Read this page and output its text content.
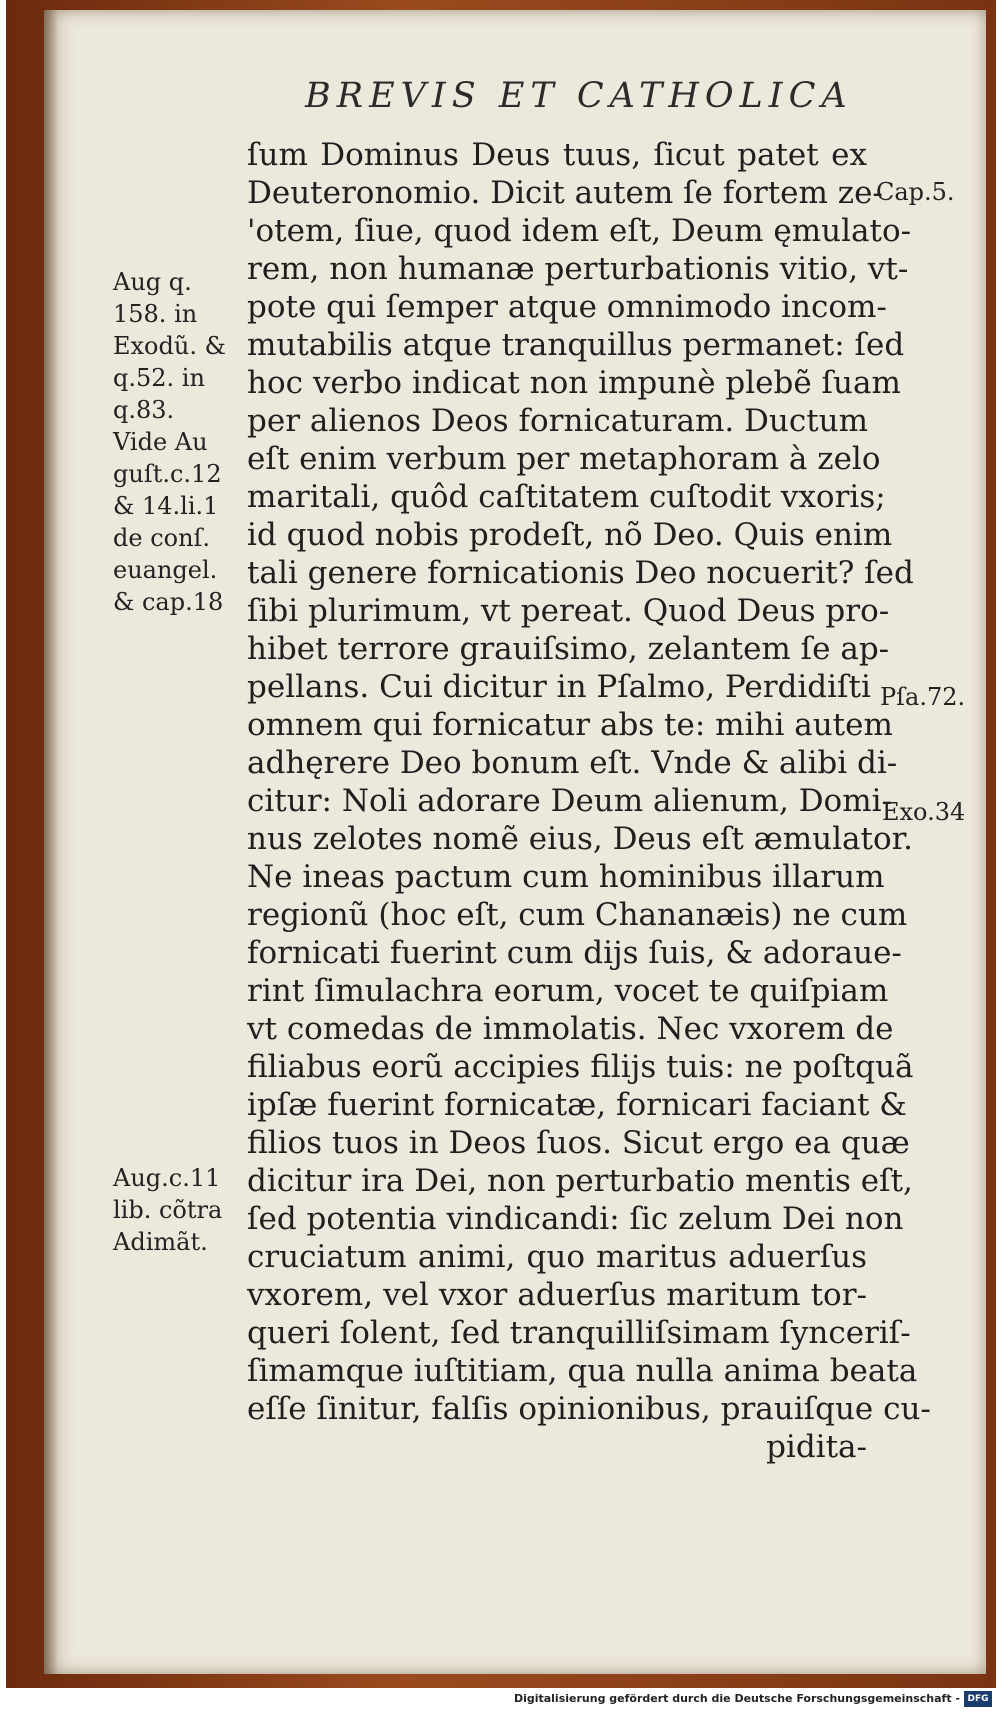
BREVIS ET CATHOLICA
ſum Dominus Deus tuus, ſicut patet ex
Deuteronomio. Dicit autem ſe fortem ze-
'otem, ſiue, quod idem eſt, Deum ęmulato-
rem, non humanæ perturbationis vitio, vt-
pote qui ſemper atque omnimodo incom-
mutabilis atque tranquillus permanet: ſed
hoc verbo indicat non impunè plebẽ ſuam
per alienos Deos fornicaturam. Ductum
eſt enim verbum per metaphoram à zelo
maritali, quôd caſtitatem cuſtodit vxoris;
id quod nobis prodeſt, nõ Deo. Quis enim
tali genere fornicationis Deo nocuerit? ſed
ſibi plurimum, vt pereat. Quod Deus pro-
hibet terrore grauiſsimo, zelantem ſe ap-
pellans. Cui dicitur in Pſalmo, Perdidiſti
omnem qui fornicatur abs te: mihi autem
adhęrere Deo bonum eſt. Vnde & alibi di-
citur: Noli adorare Deum alienum, Domi-
nus zelotes nomẽ eius, Deus eſt æmulator.
Ne ineas pactum cum hominibus illarum
regionũ (hoc eſt, cum Chananæis) ne cum
fornicati fuerint cum dijs ſuis, & adoraue-
rint ſimulachra eorum, vocet te quiſpiam
vt comedas de immolatis. Nec vxorem de
filiabus eorũ accipies filijs tuis: ne poſtquã
ipſæ fuerint fornicatæ, fornicari faciant &
filios tuos in Deos ſuos. Sicut ergo ea quæ
dicitur ira Dei, non perturbatio mentis eſt,
ſed potentia vindicandi: ſic zelum Dei non
cruciatum animi, quo maritus aduerſus
vxorem, vel vxor aduerſus maritum tor-
queri ſolent, ſed tranquilliſsimam ſynceriſ-
ſimamque iuſtitiam, qua nulla anima beata
eſſe ſinitur, falſis opinionibus, prauiſque cu-
pidita-
Aug q.
158. in
Exodũ. &
q.52. in
q.83.
Vide Au
guſt.c.12
& 14.li.1
de conſ.
euangel.
& cap.18
Aug.c.11
lib. cõtra
Adimãt.
Cap.5.
Pſa.72.
Exo.34
Digitalisierung gefördert durch die Deutsche Forschungsgemeinschaft - DFG
